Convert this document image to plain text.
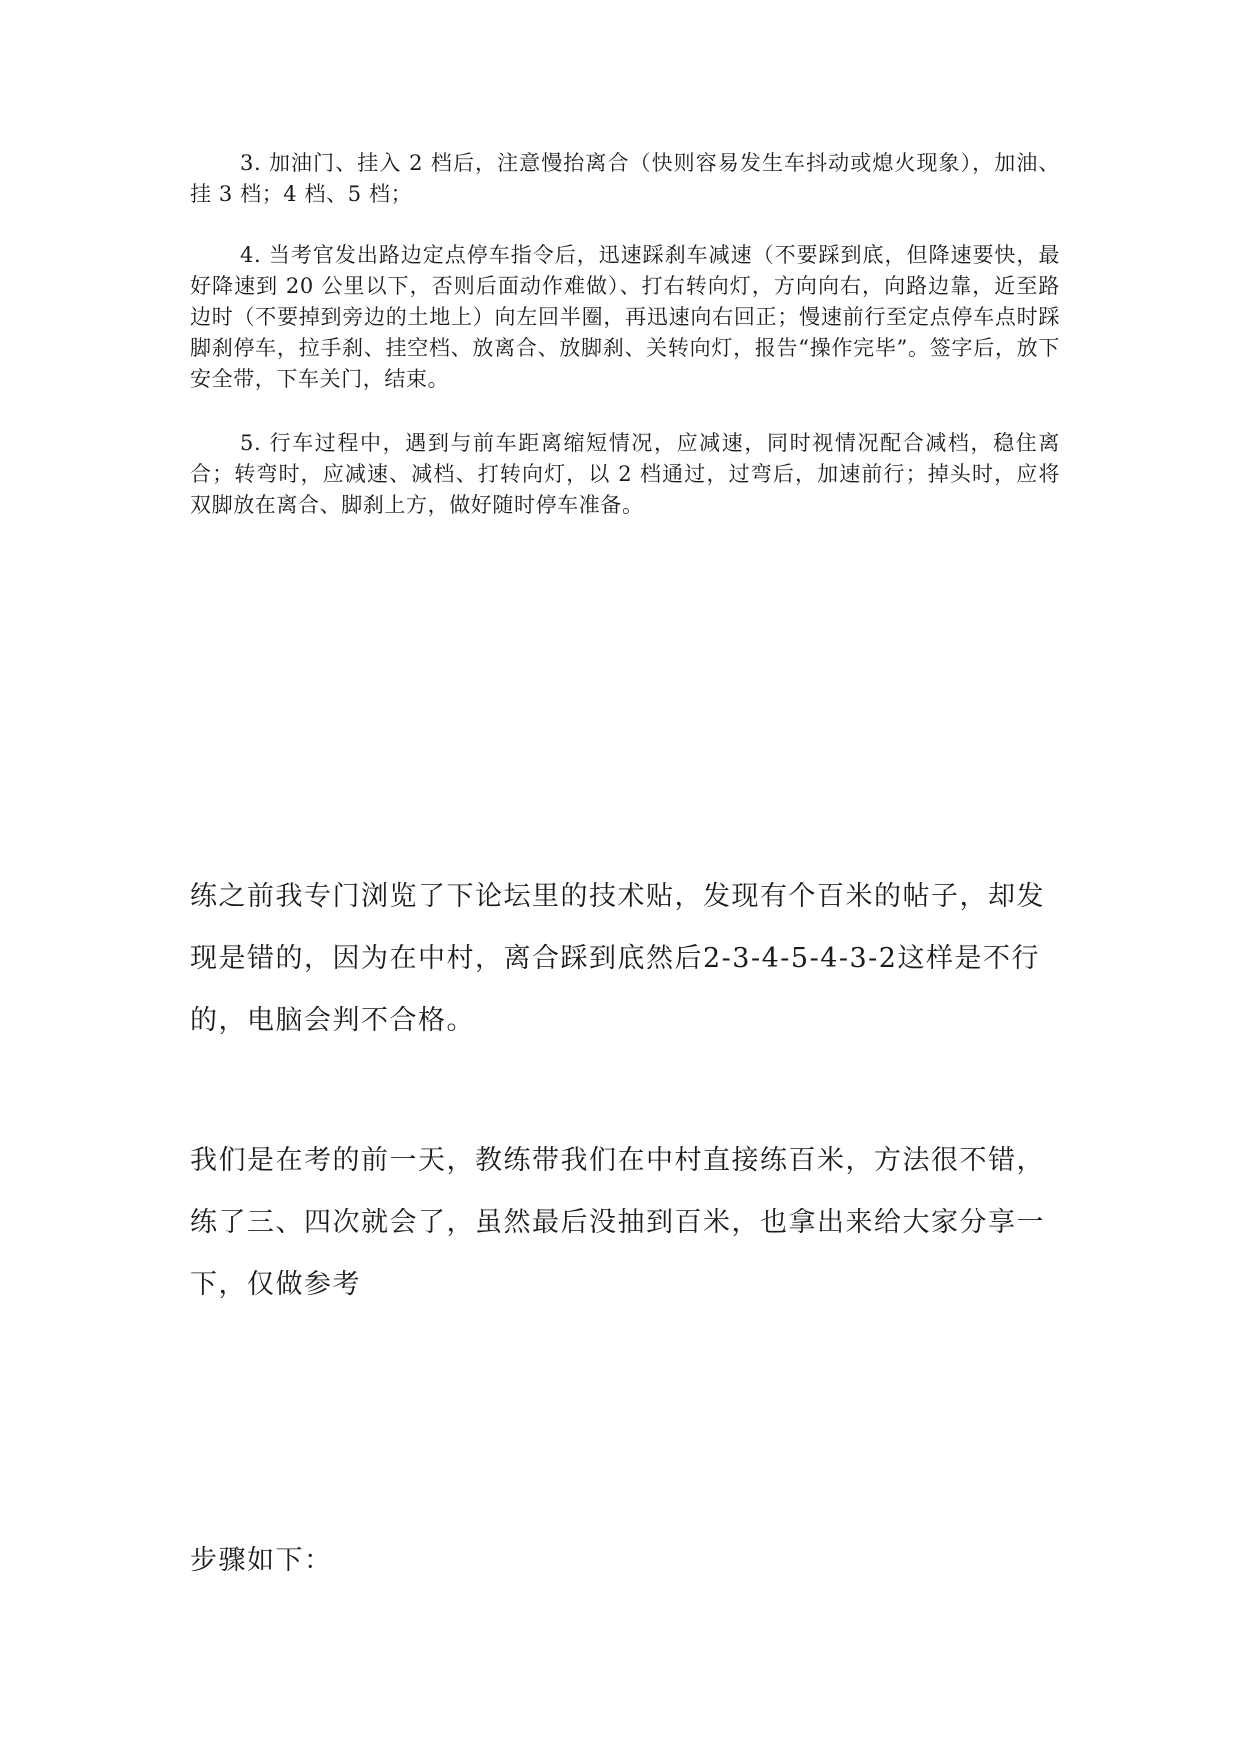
3. 加油门、挂入 2 档后，注意慢抬离合（快则容易发生车抖动或熄火现象），加油、挂 3 档；4 档、5 档；

4. 当考官发出路边定点停车指令后，迅速踩刹车减速（不要踩到底，但降速要快，最好降速到 20 公里以下，否则后面动作难做）、打右转向灯，方向向右，向路边靠，近至路边时（不要掉到旁边的土地上）向左回半圈，再迅速向右回正；慢速前行至定点停车点时踩脚刹停车，拉手刹、挂空档、放离合、放脚刹、关转向灯，报告“操作完毕”。签字后，放下安全带，下车关门，结束。

5. 行车过程中，遇到与前车距离缩短情况，应减速，同时视情况配合减档，稳住离合；转弯时，应减速、减档、打转向灯，以 2 档通过，过弯后，加速前行；掉头时，应将双脚放在离合、脚刹上方，做好随时停车准备。

练之前我专门浏览了下论坛里的技术贴，发现有个百米的帖子，却发现是错的，因为在中村，离合踩到底然后2-3-4-5-4-3-2这样是不行的，电脑会判不合格。

我们是在考的前一天，教练带我们在中村直接练百米，方法很不错，练了三、四次就会了，虽然最后没抽到百米，也拿出来给大家分享一下，仅做参考

步骤如下：
